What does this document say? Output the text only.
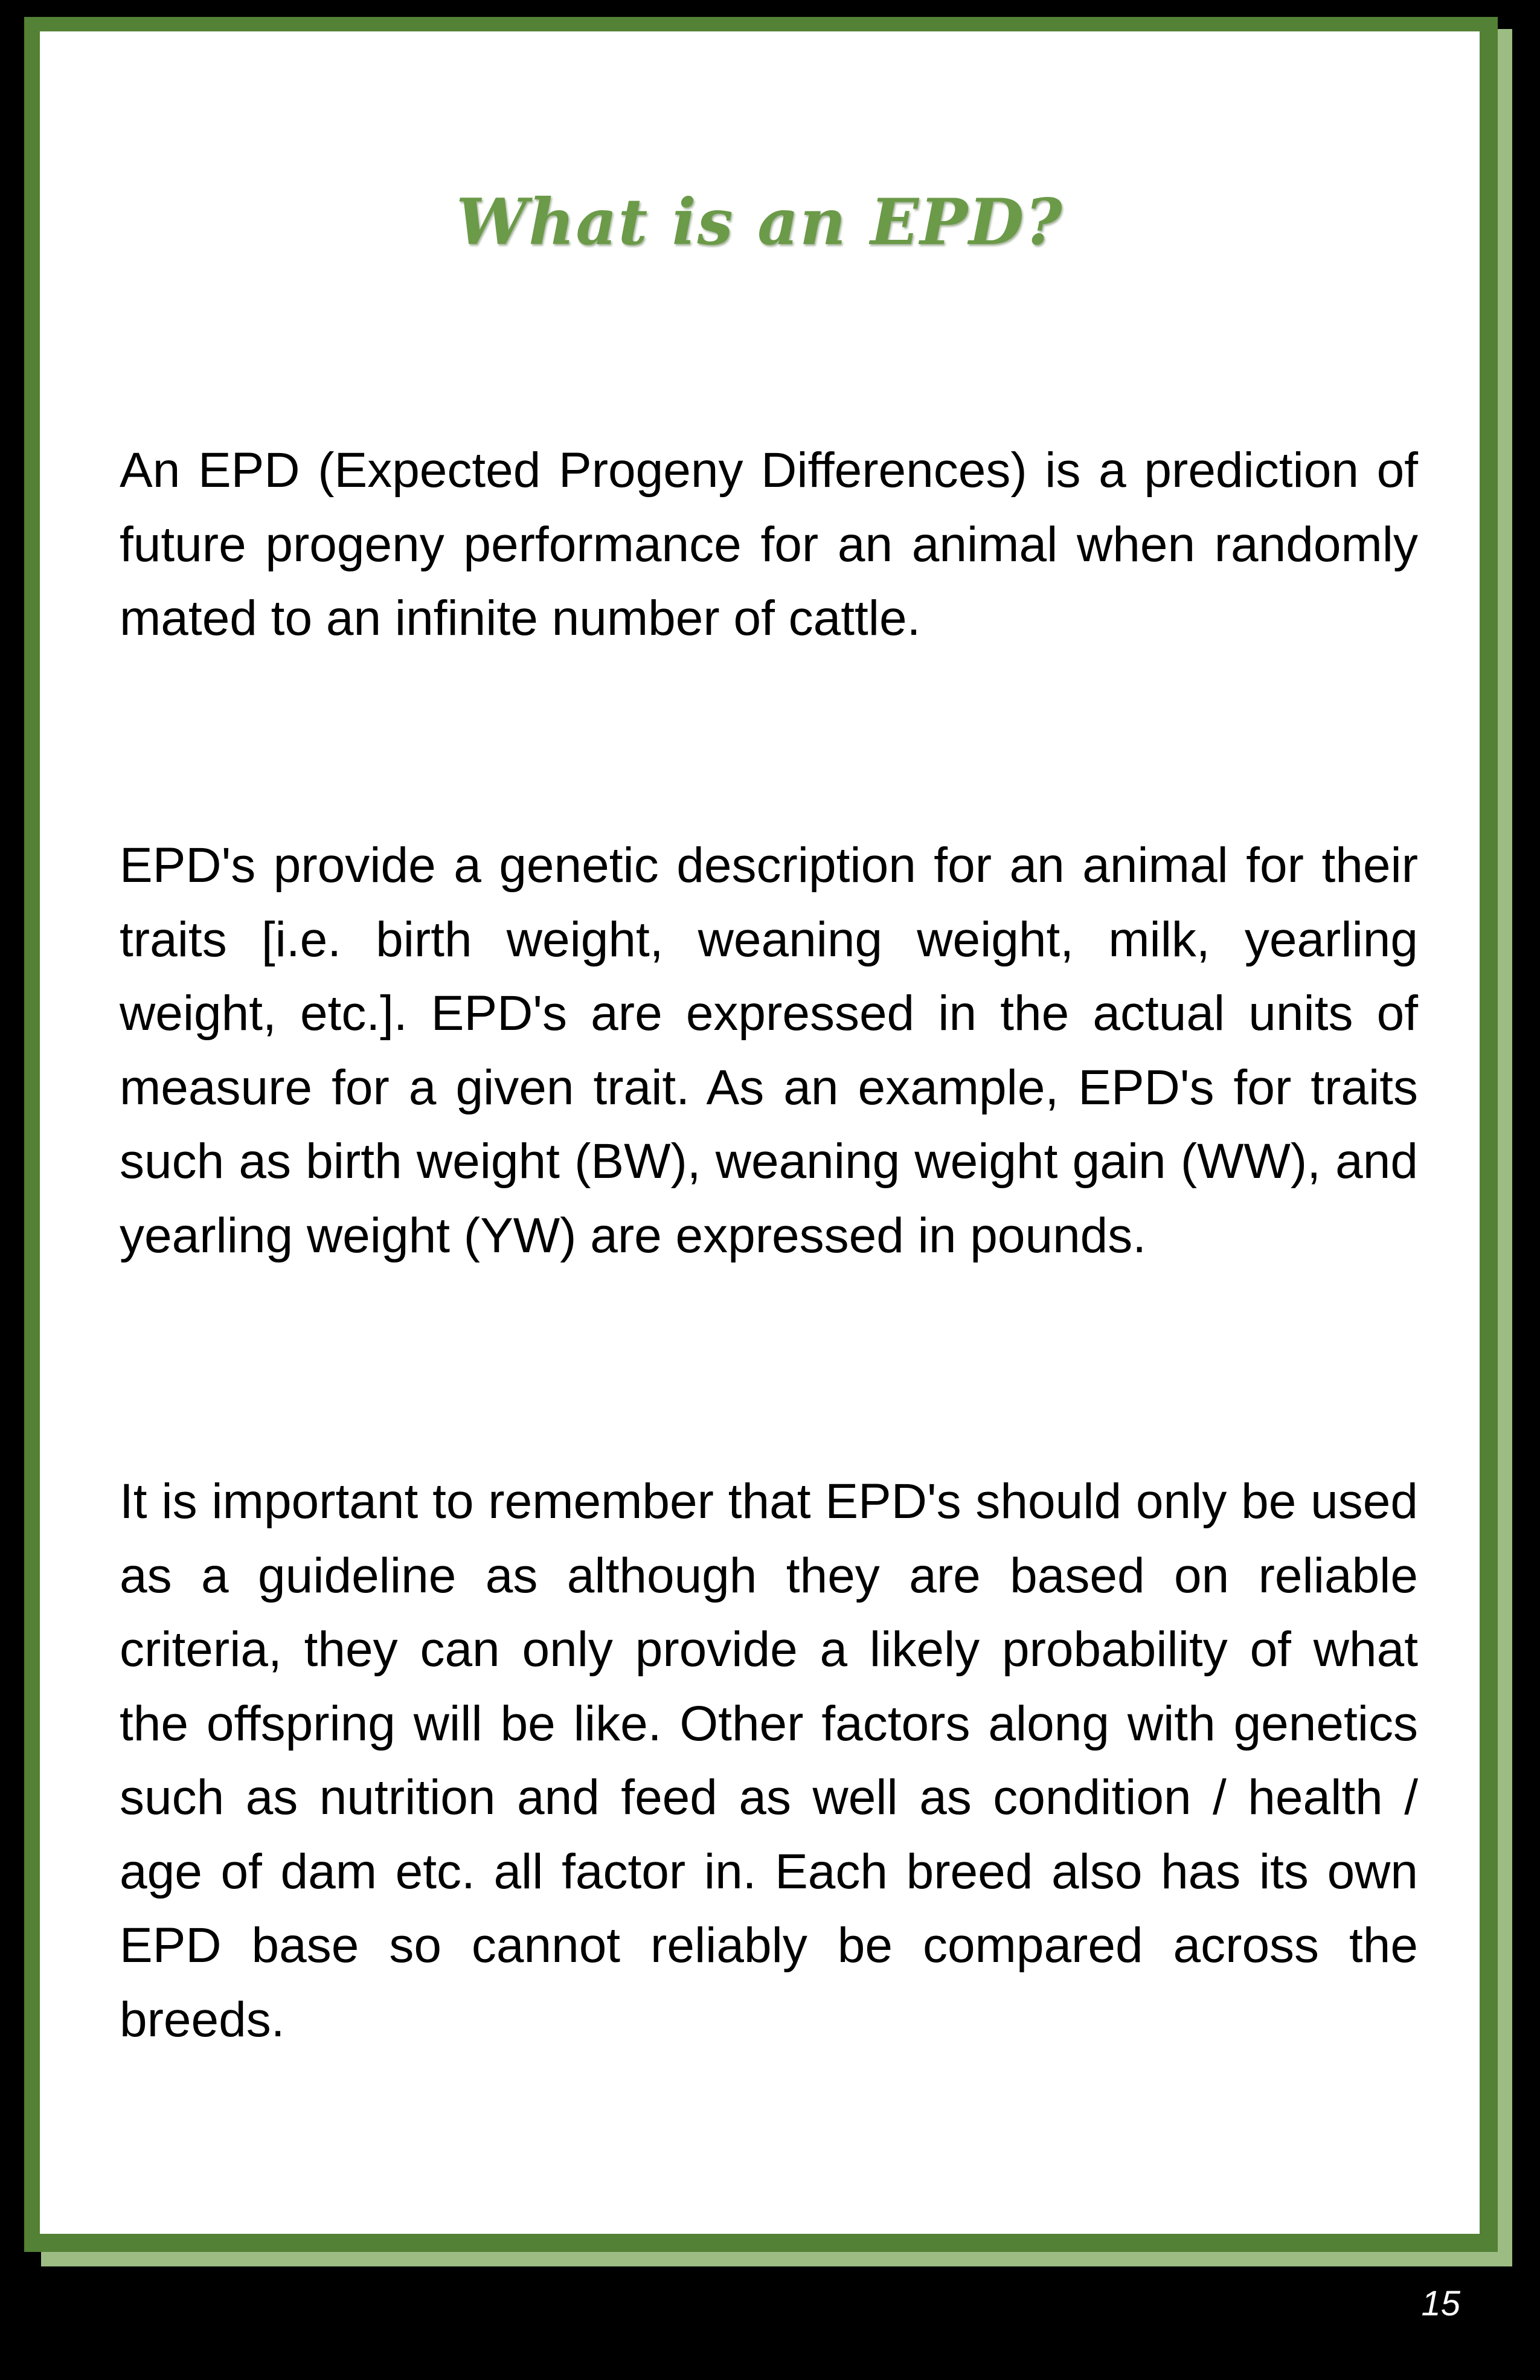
What is an EPD?

An EPD (Expected Progeny Differences) is a prediction of future progeny performance for an animal when randomly mated to an infinite number of cattle.

EPD's provide a genetic description for an animal for their traits [i.e. birth weight, weaning weight, milk, yearling weight, etc.]. EPD's are expressed in the actual units of measure for a given trait. As an example, EPD's for traits such as birth weight (BW), weaning weight gain (WW), and yearling weight (YW) are expressed in pounds.

It is important to remember that EPD's should only be used as a guideline as although they are based on reliable criteria, they can only provide a likely probability of what the offspring will be like. Other factors along with genetics such as nutrition and feed as well as condition / health / age of dam etc. all factor in. Each breed also has its own EPD base so cannot reliably be compared across the breeds.

15
